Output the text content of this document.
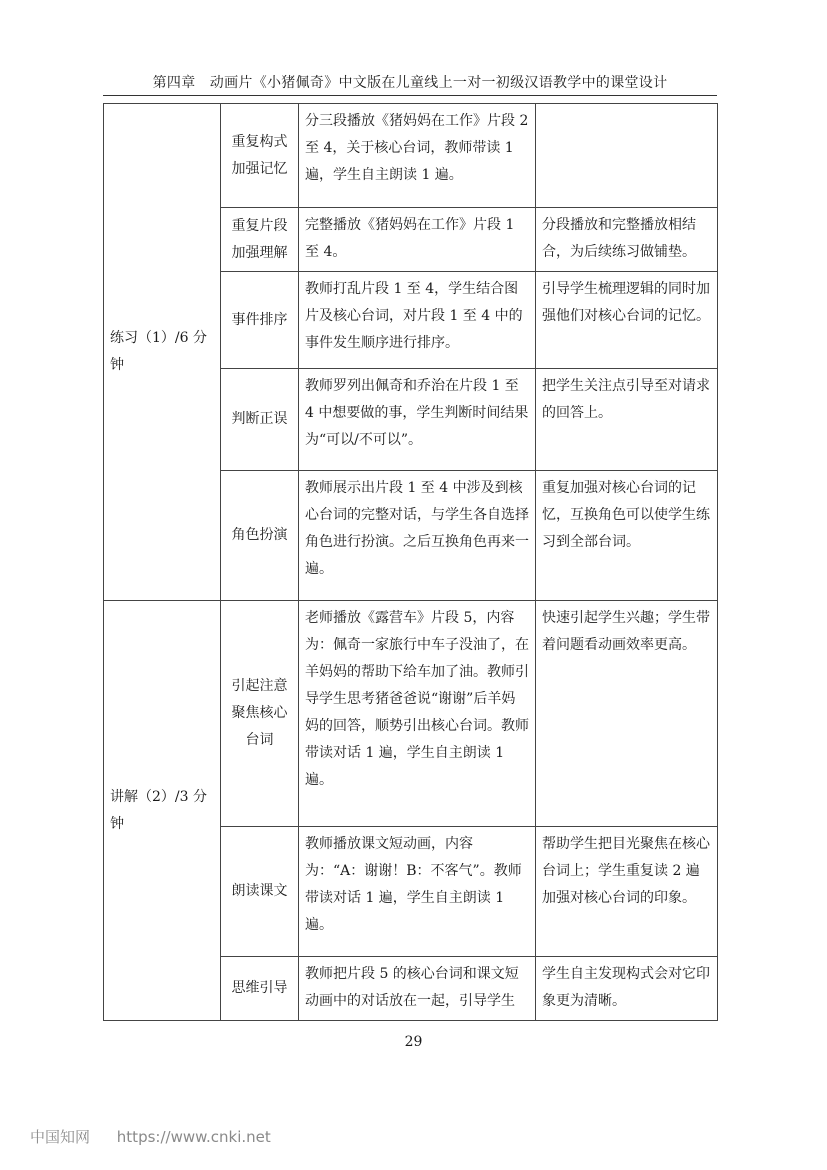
第四章　动画片《小猪佩奇》中文版在儿童线上一对一初级汉语教学中的课堂设计
练习（1）/6 分钟	重复构式加强记忆	分三段播放《猪妈妈在工作》片段 2 至 4，关于核心台词，教师带读 1 遍，学生自主朗读 1 遍。	
	重复片段加强理解	完整播放《猪妈妈在工作》片段 1 至 4。	分段播放和完整播放相结合，为后续练习做铺垫。
	事件排序	教师打乱片段 1 至 4，学生结合图片及核心台词，对片段 1 至 4 中的事件发生顺序进行排序。	引导学生梳理逻辑的同时加强他们对核心台词的记忆。
	判断正误	教师罗列出佩奇和乔治在片段 1 至 4 中想要做的事，学生判断时间结果为“可以/不可以”。	把学生关注点引导至对请求的回答上。
	角色扮演	教师展示出片段 1 至 4 中涉及到核心台词的完整对话，与学生各自选择角色进行扮演。之后互换角色再来一遍。	重复加强对核心台词的记忆，互换角色可以使学生练习到全部台词。
讲解（2）/3 分钟	引起注意聚焦核心台词	老师播放《露营车》片段 5，内容为：佩奇一家旅行中车子没油了，在羊妈妈的帮助下给车加了油。教师引导学生思考猪爸爸说“谢谢”后羊妈妈的回答，顺势引出核心台词。教师带读对话 1 遍，学生自主朗读 1 遍。	快速引起学生兴趣；学生带着问题看动画效率更高。
	朗读课文	教师播放课文短动画，内容为：“A：谢谢！B：不客气”。教师带读对话 1 遍，学生自主朗读 1 遍。	帮助学生把目光聚焦在核心台词上；学生重复读 2 遍加强对核心台词的印象。
	思维引导	教师把片段 5 的核心台词和课文短动画中的对话放在一起，引导学生	学生自主发现构式会对它印象更为清晰。
29
中国知网 https://www.cnki.net
